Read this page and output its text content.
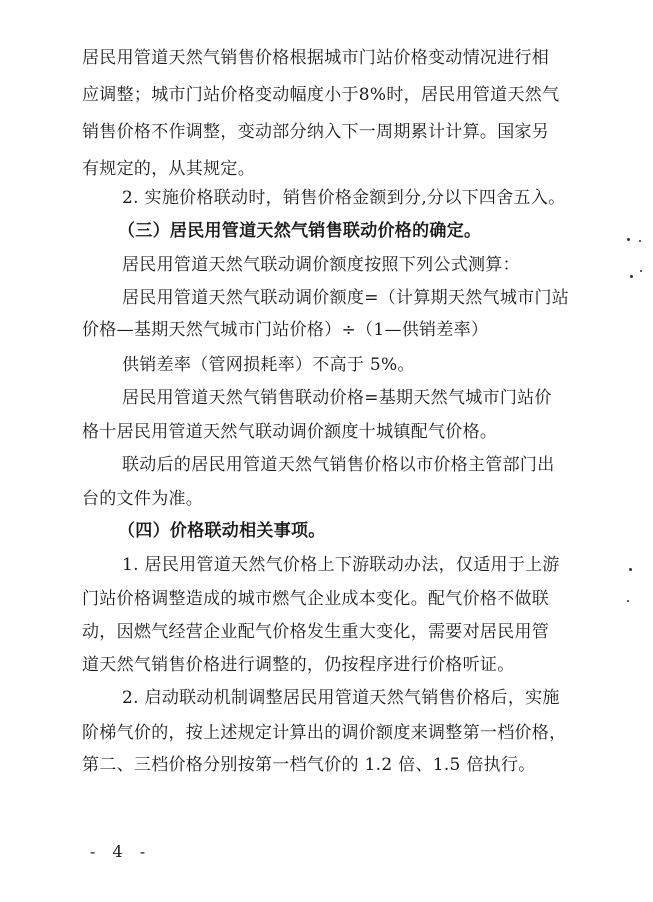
居民用管道天然气销售价格根据城市门站价格变动情况进行相
应调整；城市门站价格变动幅度小于8%时，居民用管道天然气
销售价格不作调整，变动部分纳入下一周期累计计算。国家另
有规定的，从其规定。
2. 实施价格联动时，销售价格金额到分,分以下四舍五入。
（三）居民用管道天然气销售联动价格的确定。
居民用管道天然气联动调价额度按照下列公式测算：
居民用管道天然气联动调价额度=（计算期天然气城市门站
价格—基期天然气城市门站价格）÷（1—供销差率）
供销差率（管网损耗率）不高于 5%。
居民用管道天然气销售联动价格=基期天然气城市门站价
格十居民用管道天然气联动调价额度十城镇配气价格。
联动后的居民用管道天然气销售价格以市价格主管部门出
台的文件为准。
（四）价格联动相关事项。
1. 居民用管道天然气价格上下游联动办法，仅适用于上游
门站价格调整造成的城市燃气企业成本变化。配气价格不做联
动，因燃气经营企业配气价格发生重大变化，需要对居民用管
道天然气销售价格进行调整的，仍按程序进行价格听证。
2. 启动联动机制调整居民用管道天然气销售价格后，实施
阶梯气价的，按上述规定计算出的调价额度来调整第一档价格，
第二、三档价格分别按第一档气价的 1.2 倍、1.5 倍执行。
- 4 -
